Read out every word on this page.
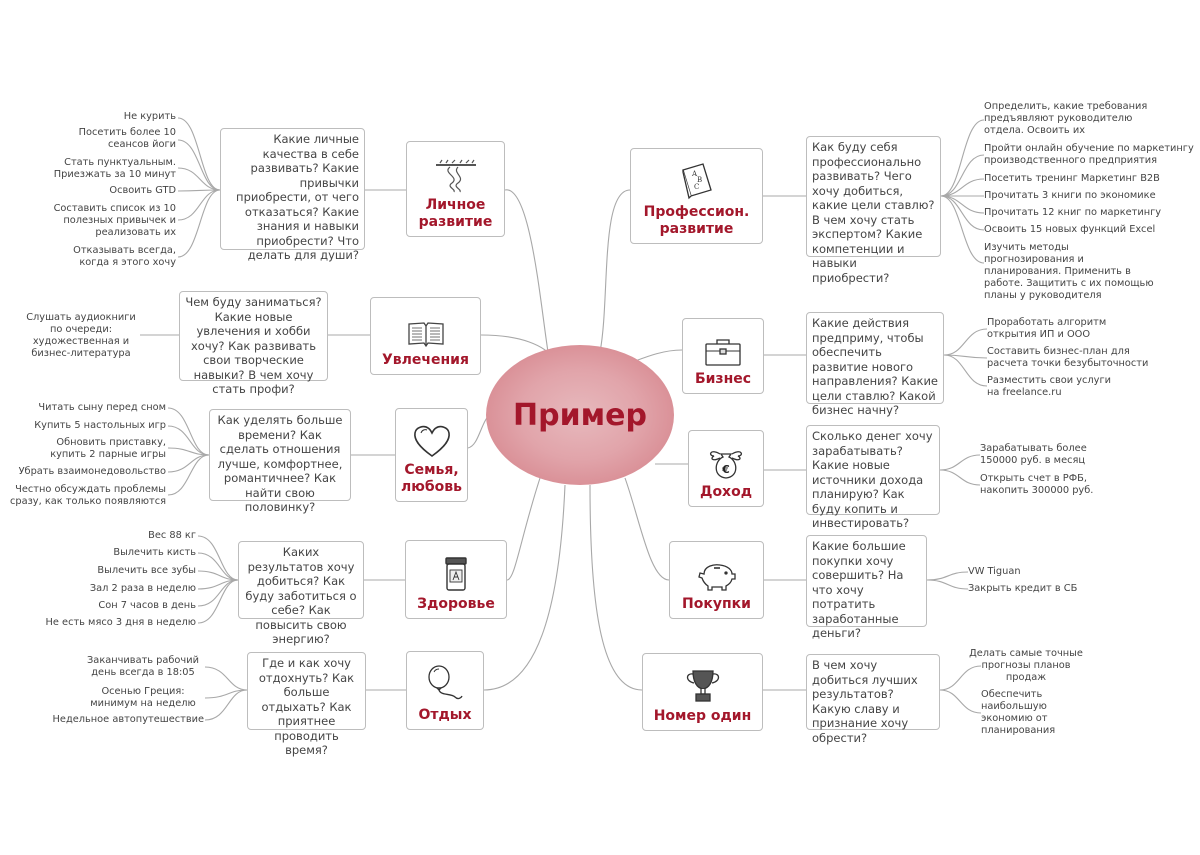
Пример
Личное развитие
Какие личные качества в себе развивать? Какие привычки приобрести, от чего отказаться? Какие знания и навыки приобрести? Что делать для души?
Не курить
Посетить более 10 сеансов йоги
Стать пунктуальным. Приезжать за 10 минут
Освоить GTD
Составить список из 10 полезных привычек и реализовать их
Отказывать всегда, когда я этого хочу
Увлечения
Чем буду заниматься? Какие новые увлечения и хобби хочу? Как развивать свои творческие навыки? В чем хочу стать профи?
Слушать аудиокниги по очереди: художественная и бизнес-литература
Семья, любовь
Как уделять больше времени? Как сделать отношения лучше, комфортнее, романтичнее? Как найти свою половинку?
Читать сыну перед сном
Купить 5 настольных игр
Обновить приставку, купить 2 парные игры
Убрать взаимонедовольство
Честно обсуждать проблемы сразу, как только появляются
Здоровье
Каких результатов хочу добиться? Как буду заботиться о себе? Как повысить свою энергию?
Вес 88 кг
Вылечить кисть
Вылечить все зубы
Зал 2 раза в неделю
Сон 7 часов в день
Не есть мясо 3 дня в неделю
Отдых
Где и как хочу отдохнуть? Как больше отдыхать? Как приятнее проводить время?
Заканчивать рабочий день всегда в 18:05
Осенью Греция: минимум на неделю
Недельное автопутешествие
A
B
C
Профессион. развитие
Как буду себя профессионально развивать? Чего хочу добиться, какие цели ставлю? В чем хочу стать экспертом? Какие компетенции и навыки приобрести?
Определить, какие требования предъявляют руководителю отдела. Освоить их
Пройти онлайн обучение по маркетингу производственного предприятия
Посетить тренинг Маркетинг B2B
Прочитать 3 книги по экономике
Прочитать 12 книг по маркетингу
Освоить 15 новых функций Excel
Изучить методы прогнозирования и планирования. Применить в работе. Защитить с их помощью планы у руководителя
Бизнес
Какие действия предприму, чтобы обеспечить развитие нового направления? Какие цели ставлю? Какой бизнес начну?
Проработать алгоритм открытия ИП и ООО
Составить бизнес-план для расчета точки безубыточности
Разместить свои услуги на freelance.ru
€
Доход
Сколько денег хочу зарабатывать? Какие новые источники дохода планирую? Как буду копить и инвестировать?
Зарабатывать более 150000 руб. в месяц
Открыть счет в РФБ, накопить 300000 руб.
Покупки
Какие большие покупки хочу совершить? На что хочу потратить заработанные деньги?
VW Tiguan
Закрыть кредит в СБ
Номер один
В чем хочу добиться лучших результатов? Какую славу и признание хочу обрести?
Делать самые точные прогнозы планов продаж
Обеспечить наибольшую экономию от планирования
